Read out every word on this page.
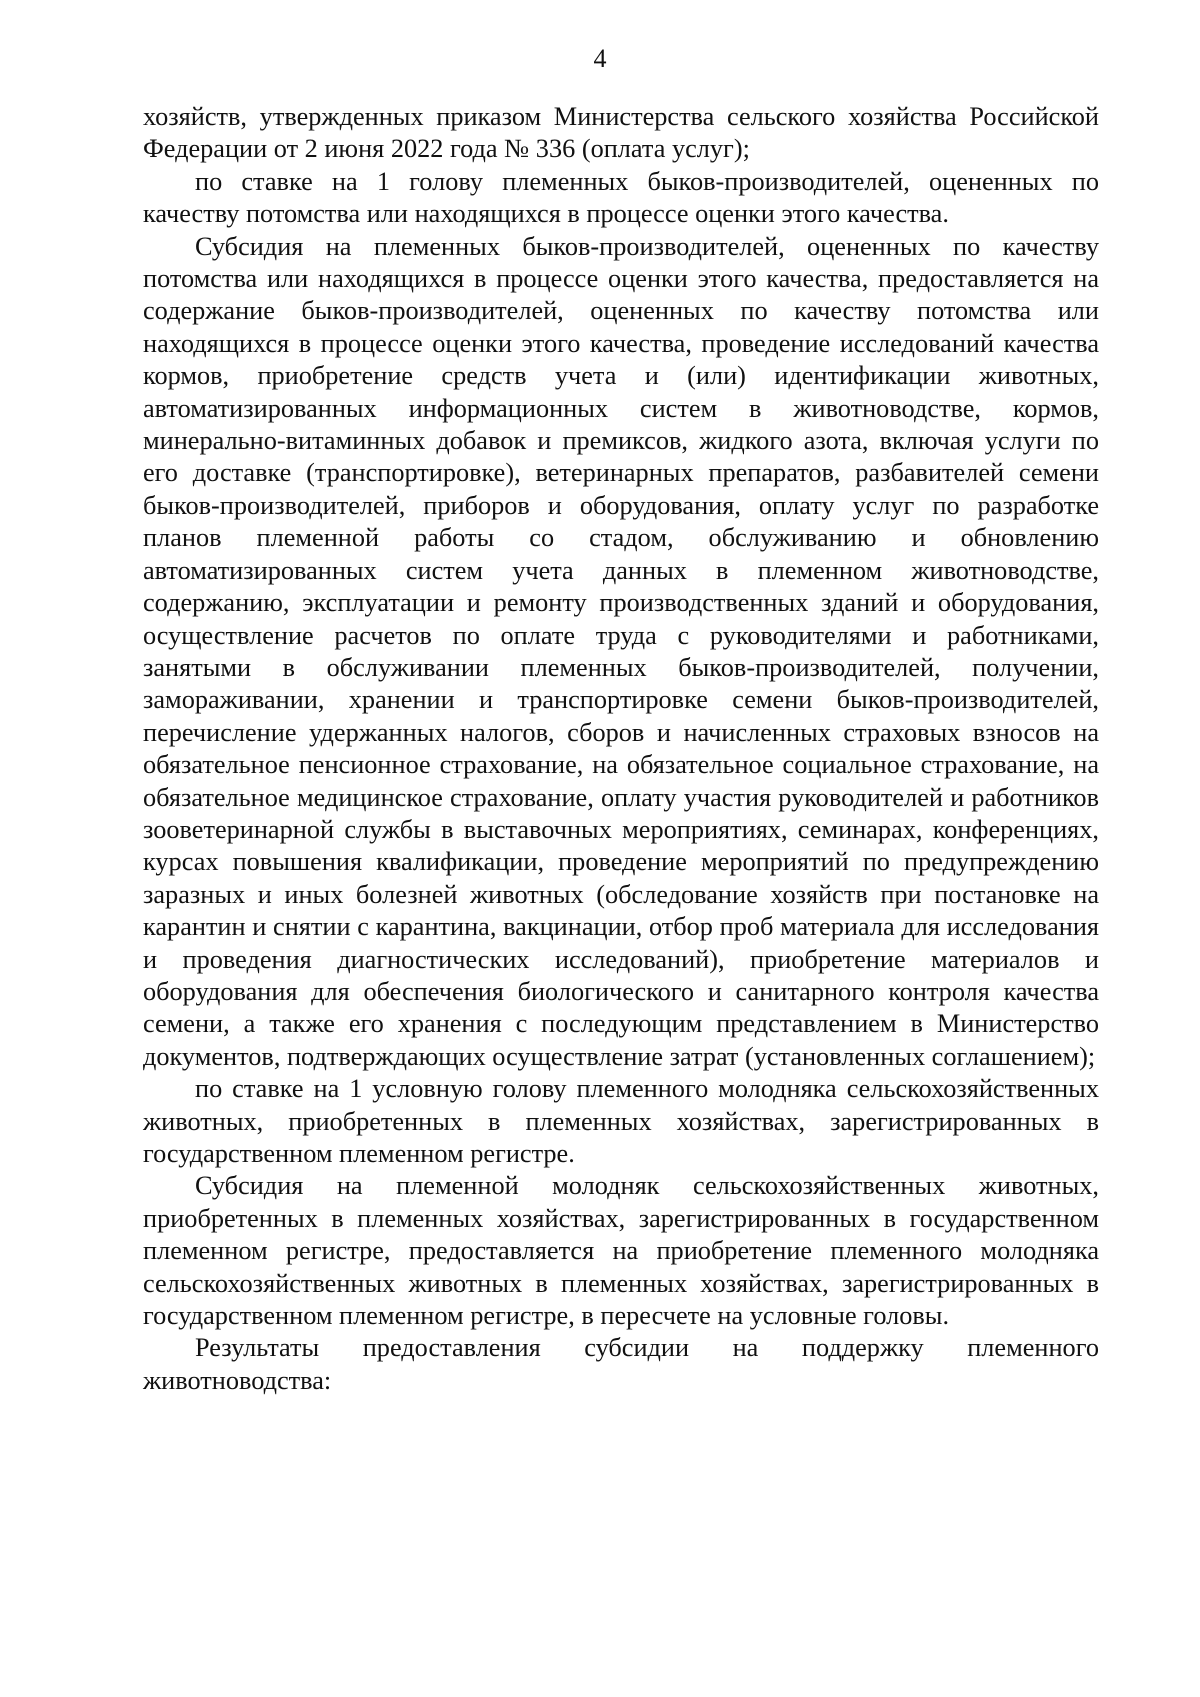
4

хозяйств, утвержденных приказом Министерства сельского хозяйства Российской Федерации от 2 июня 2022 года № 336 (оплата услуг);

по ставке на 1 голову племенных быков-производителей, оцененных по качеству потомства или находящихся в процессе оценки этого качества.

Субсидия на племенных быков-производителей, оцененных по качеству потомства или находящихся в процессе оценки этого качества, предоставляется на содержание быков-производителей, оцененных по качеству потомства или находящихся в процессе оценки этого качества, проведение исследований качества кормов, приобретение средств учета и (или) идентификации животных, автоматизированных информационных систем в животноводстве, кормов, минерально-витаминных добавок и премиксов, жидкого азота, включая услуги по его доставке (транспортировке), ветеринарных препаратов, разбавителей семени быков-производителей, приборов и оборудования, оплату услуг по разработке планов племенной работы со стадом, обслуживанию и обновлению автоматизированных систем учета данных в племенном животноводстве, содержанию, эксплуатации и ремонту производственных зданий и оборудования, осуществление расчетов по оплате труда с руководителями и работниками, занятыми в обслуживании племенных быков-производителей, получении, замораживании, хранении и транспортировке семени быков-производителей, перечисление удержанных налогов, сборов и начисленных страховых взносов на обязательное пенсионное страхование, на обязательное социальное страхование, на обязательное медицинское страхование, оплату участия руководителей и работников зооветеринарной службы в выставочных мероприятиях, семинарах, конференциях, курсах повышения квалификации, проведение мероприятий по предупреждению заразных и иных болезней животных (обследование хозяйств при постановке на карантин и снятии с карантина, вакцинации, отбор проб материала для исследования и проведения диагностических исследований), приобретение материалов и оборудования для обеспечения биологического и санитарного контроля качества семени, а также его хранения с последующим представлением в Министерство документов, подтверждающих осуществление затрат (установленных соглашением);

по ставке на 1 условную голову племенного молодняка сельскохозяйственных животных, приобретенных в племенных хозяйствах, зарегистрированных в государственном племенном регистре.

Субсидия на племенной молодняк сельскохозяйственных животных, приобретенных в племенных хозяйствах, зарегистрированных в государственном племенном регистре, предоставляется на приобретение племенного молодняка сельскохозяйственных животных в племенных хозяйствах, зарегистрированных в государственном племенном регистре, в пересчете на условные головы.

Результаты предоставления субсидии на поддержку племенного животноводства:
